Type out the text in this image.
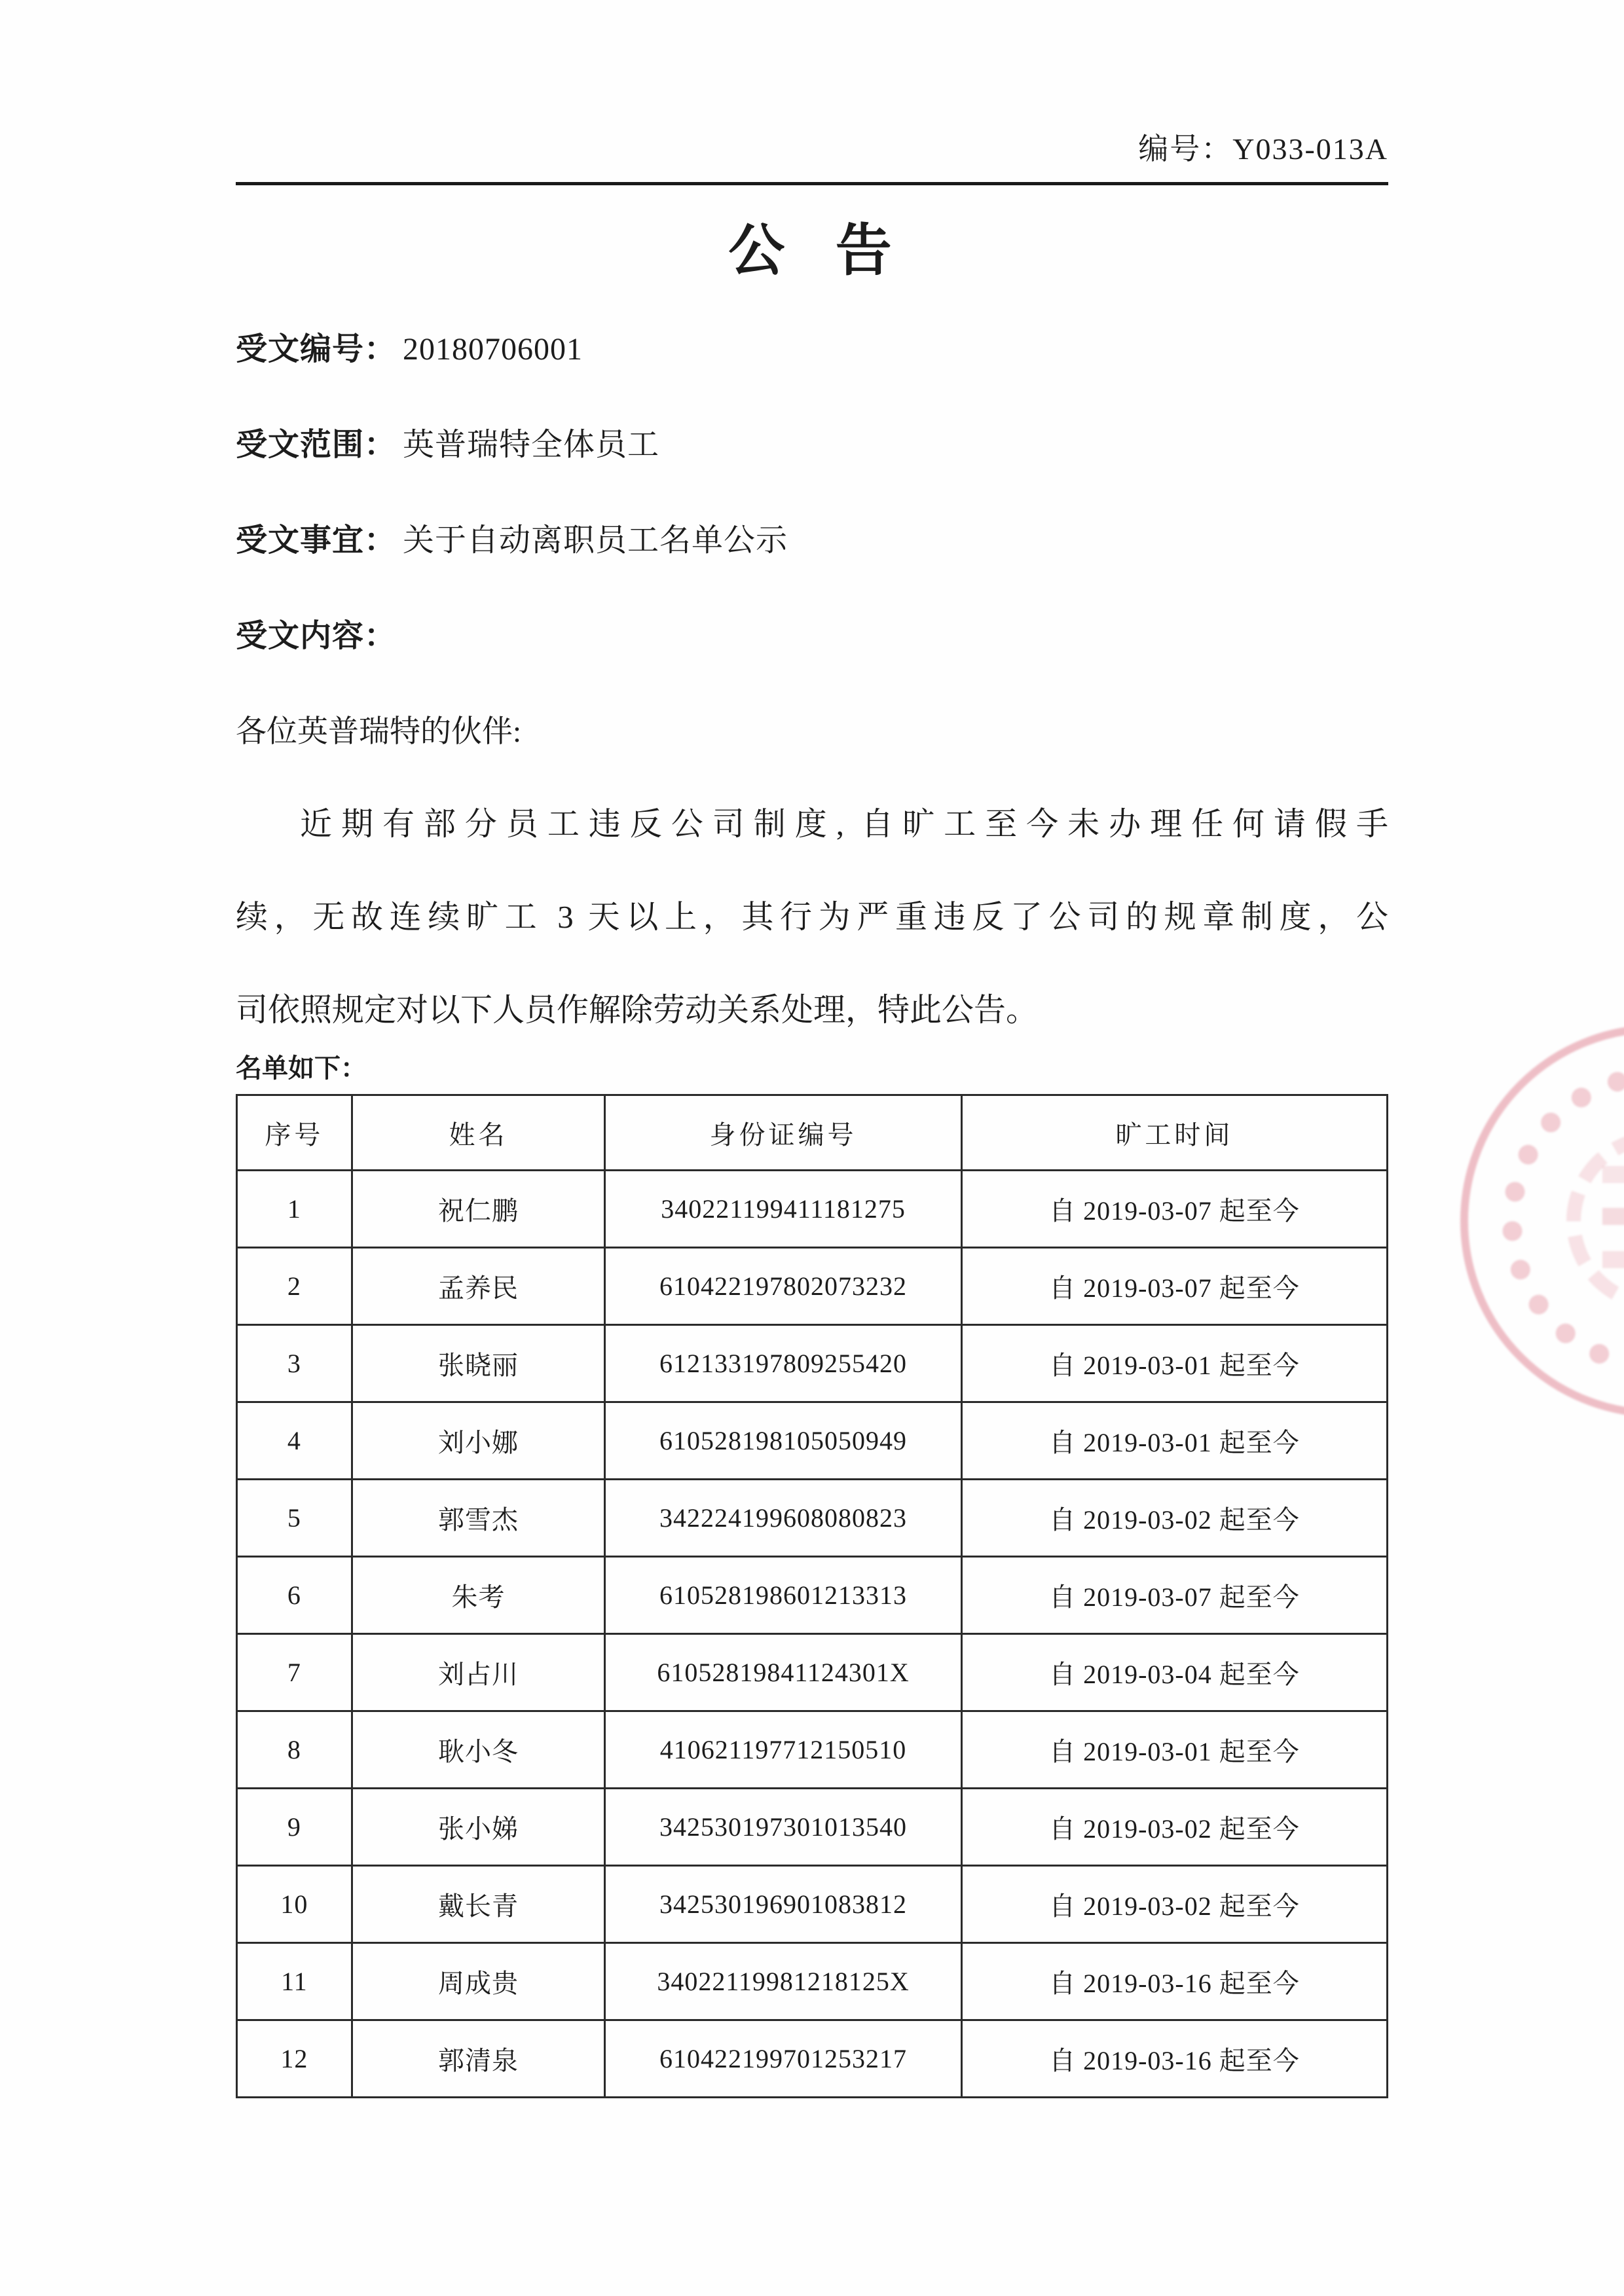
编号：Y033-013A
公 告
受文编号： 20180706001
受文范围： 英普瑞特全体员工
受文事宜： 关于自动离职员工名单公示
受文内容：
各位英普瑞特的伙伴:
近期有部分员工违反公司制度, 自旷工至今未办理任何请假手
续，无故连续旷工 3 天以上，其行为严重违反了公司的规章制度，公
司依照规定对以下人员作解除劳动关系处理，特此公告。
名单如下：
序号	姓名	身份证编号	旷工时间
1	祝仁鹏	340221199411181275	自 2019-03-07 起至今
2	孟养民	610422197802073232	自 2019-03-07 起至今
3	张晓丽	612133197809255420	自 2019-03-01 起至今
4	刘小娜	610528198105050949	自 2019-03-01 起至今
5	郭雪杰	342224199608080823	自 2019-03-02 起至今
6	朱考	610528198601213313	自 2019-03-07 起至今
7	刘占川	61052819841124301X	自 2019-03-04 起至今
8	耿小冬	410621197712150510	自 2019-03-01 起至今
9	张小娣	342530197301013540	自 2019-03-02 起至今
10	戴长青	342530196901083812	自 2019-03-02 起至今
11	周成贵	34022119981218125X	自 2019-03-16 起至今
12	郭清泉	610422199701253217	自 2019-03-16 起至今
